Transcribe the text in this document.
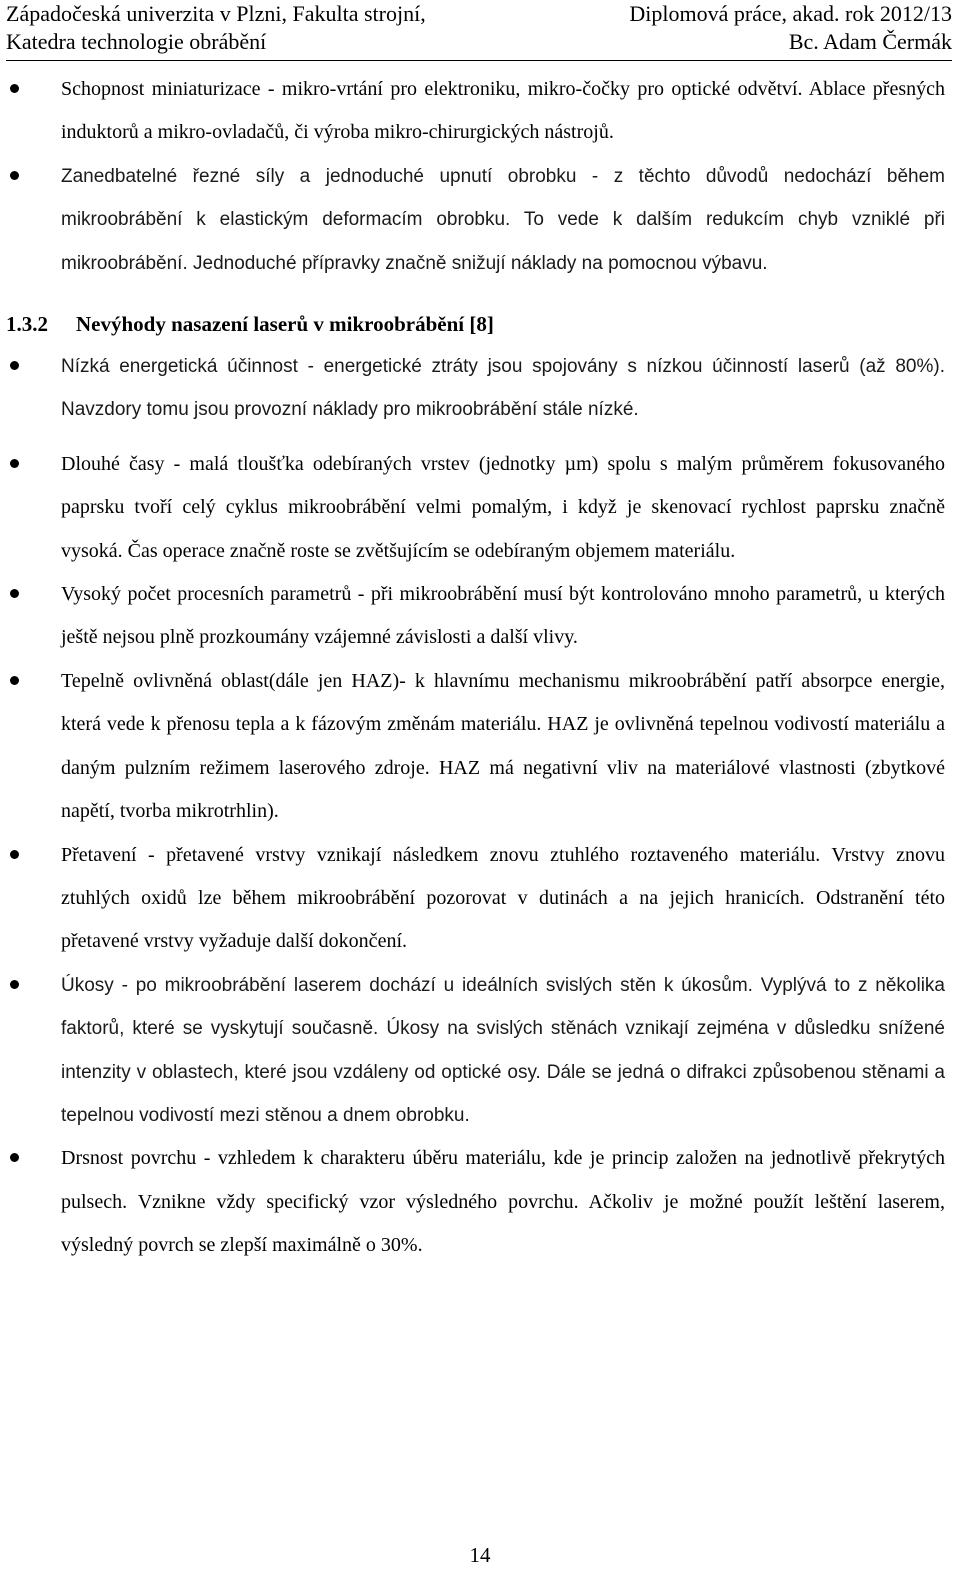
Západočeská univerzita v Plzni, Fakulta strojní,	Diplomová práce, akad. rok 2012/13
Katedra technologie obrábění	Bc. Adam Čermák
Schopnost miniaturizace - mikro-vrtání pro elektroniku, mikro-čočky pro optické odvětví. Ablace přesných induktorů a mikro-ovladačů, či výroba mikro-chirurgických nástrojů.
Zanedbatelné řezné síly a jednoduché upnutí obrobku - z těchto důvodů nedochází během mikroobrábění k elastickým deformacím obrobku. To vede k dalším redukcím chyb vzniklé při mikroobrábění. Jednoduché přípravky značně snižují náklady na pomocnou výbavu.
1.3.2 Nevýhody nasazení laserů v mikroobrábění [8]
Nízká energetická účinnost - energetické ztráty jsou spojovány s nízkou účinností laserů (až 80%). Navzdory tomu jsou provozní náklady pro mikroobrábění stále nízké.
Dlouhé časy - malá tloušťka odebíraných vrstev (jednotky µm) spolu s malým průměrem fokusovaného paprsku tvoří celý cyklus mikroobrábění velmi pomalým, i když je skenovací rychlost paprsku značně vysoká. Čas operace značně roste se zvětšujícím se odebíraným objemem materiálu.
Vysoký počet procesních parametrů - při mikroobrábění musí být kontrolováno mnoho parametrů, u kterých ještě nejsou plně prozkoumány vzájemné závislosti a další vlivy.
Tepelně ovlivněná oblast(dále jen HAZ)- k hlavnímu mechanismu mikroobrábění patří absorpce energie, která vede k přenosu tepla a k fázovým změnám materiálu. HAZ je ovlivněná tepelnou vodivostí materiálu a daným pulzním režimem laserového zdroje. HAZ má negativní vliv na materiálové vlastnosti (zbytkové napětí, tvorba mikrotrhlin).
Přetavení - přetavené vrstvy vznikají následkem znovu ztuhlého roztaveného materiálu. Vrstvy znovu ztuhlých oxidů lze během mikroobrábění pozorovat v dutinách a na jejich hranicích. Odstranění této přetavené vrstvy vyžaduje další dokončení.
Úkosy - po mikroobrábění laserem dochází u ideálních svislých stěn k úkosům. Vyplývá to z několika faktorů, které se vyskytují současně. Úkosy na svislých stěnách vznikají zejména v důsledku snížené intenzity v oblastech, které jsou vzdáleny od optické osy. Dále se jedná o difrakci způsobenou stěnami a tepelnou vodivostí mezi stěnou a dnem obrobku.
Drsnost povrchu - vzhledem k charakteru úběru materiálu, kde je princip založen na jednotlivě překrytých pulsech. Vznikne vždy specifický vzor výsledného povrchu. Ačkoliv je možné použít leštění laserem, výsledný povrch se zlepší maximálně o 30%.
14
